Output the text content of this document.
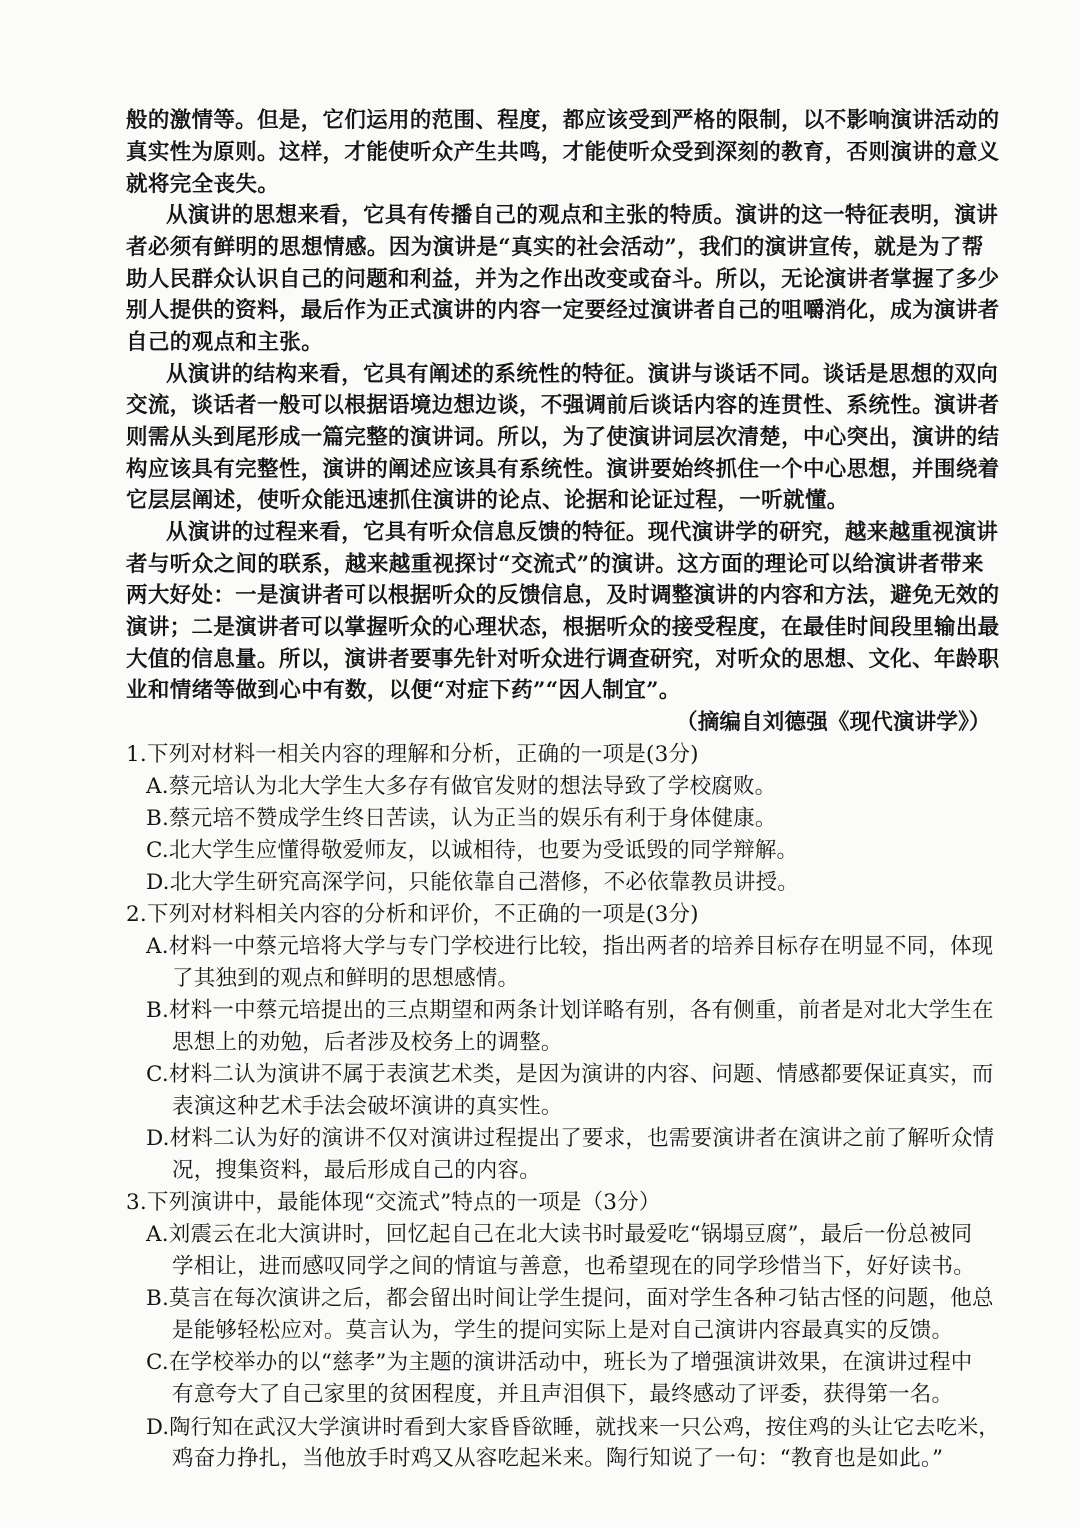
般的激情等。但是，它们运用的范围、程度，都应该受到严格的限制，以不影响演讲活动的
真实性为原则。这样，才能使听众产生共鸣，才能使听众受到深刻的教育，否则演讲的意义
就将完全丧失。
从演讲的思想来看，它具有传播自己的观点和主张的特质。演讲的这一特征表明，演讲
者必须有鲜明的思想情感。因为演讲是“真实的社会活动”，我们的演讲宣传，就是为了帮
助人民群众认识自己的问题和利益，并为之作出改变或奋斗。所以，无论演讲者掌握了多少
别人提供的资料，最后作为正式演讲的内容一定要经过演讲者自己的咀嚼消化，成为演讲者
自己的观点和主张。
从演讲的结构来看，它具有阐述的系统性的特征。演讲与谈话不同。谈话是思想的双向
交流，谈话者一般可以根据语境边想边谈，不强调前后谈话内容的连贯性、系统性。演讲者
则需从头到尾形成一篇完整的演讲词。所以，为了使演讲词层次清楚，中心突出，演讲的结
构应该具有完整性，演讲的阐述应该具有系统性。演讲要始终抓住一个中心思想，并围绕着
它层层阐述，使听众能迅速抓住演讲的论点、论据和论证过程，一听就懂。
从演讲的过程来看，它具有听众信息反馈的特征。现代演讲学的研究，越来越重视演讲
者与听众之间的联系，越来越重视探讨“交流式”的演讲。这方面的理论可以给演讲者带来
两大好处：一是演讲者可以根据听众的反馈信息，及时调整演讲的内容和方法，避免无效的
演讲；二是演讲者可以掌握听众的心理状态，根据听众的接受程度，在最佳时间段里输出最
大值的信息量。所以，演讲者要事先针对听众进行调查研究，对听众的思想、文化、年龄职
业和情绪等做到心中有数，以便“对症下药”“因人制宜”。
（摘编自刘德强《现代演讲学》）
1.下列对材料一相关内容的理解和分析，正确的一项是(3分)
A.蔡元培认为北大学生大多存有做官发财的想法导致了学校腐败。
B.蔡元培不赞成学生终日苦读，认为正当的娱乐有利于身体健康。
C.北大学生应懂得敬爱师友，以诚相待，也要为受诋毁的同学辩解。
D.北大学生研究高深学问，只能依靠自己潜修，不必依靠教员讲授。
2.下列对材料相关内容的分析和评价，不正确的一项是(3分)
A.材料一中蔡元培将大学与专门学校进行比较，指出两者的培养目标存在明显不同，体现
了其独到的观点和鲜明的思想感情。
B.材料一中蔡元培提出的三点期望和两条计划详略有别，各有侧重，前者是对北大学生在
思想上的劝勉，后者涉及校务上的调整。
C.材料二认为演讲不属于表演艺术类，是因为演讲的内容、问题、情感都要保证真实，而
表演这种艺术手法会破坏演讲的真实性。
D.材料二认为好的演讲不仅对演讲过程提出了要求，也需要演讲者在演讲之前了解听众情
况，搜集资料，最后形成自己的内容。
3.下列演讲中，最能体现“交流式”特点的一项是（3分）
A.刘震云在北大演讲时，回忆起自己在北大读书时最爱吃“锅塌豆腐”，最后一份总被同
学相让，进而感叹同学之间的情谊与善意，也希望现在的同学珍惜当下，好好读书。
B.莫言在每次演讲之后，都会留出时间让学生提问，面对学生各种刁钻古怪的问题，他总
是能够轻松应对。莫言认为，学生的提问实际上是对自己演讲内容最真实的反馈。
C.在学校举办的以“慈孝”为主题的演讲活动中，班长为了增强演讲效果，在演讲过程中
有意夸大了自己家里的贫困程度，并且声泪俱下，最终感动了评委，获得第一名。
D.陶行知在武汉大学演讲时看到大家昏昏欲睡，就找来一只公鸡，按住鸡的头让它去吃米，
鸡奋力挣扎，当他放手时鸡又从容吃起米来。陶行知说了一句：“教育也是如此。”
